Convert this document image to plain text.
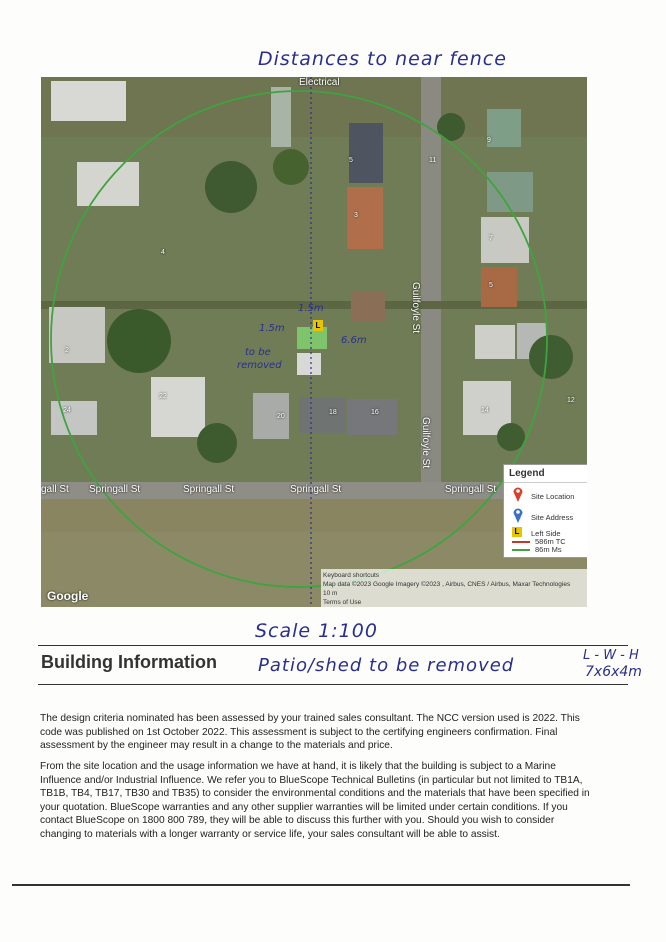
Distances to near fence
Electrical
Guilfoyle St
Guilfoyle St
gall St Springall St	Springall St	Springall St	Springall St
5
3
11
9
7
5
4
2
24
22
20
18	16	14
12
1.5m
1.5m
6.6m
to be
removed
L
Legend
Site Location
Site Address
L	Left Side
586m TC
86m Ms
Keyboard shortcuts
Map data ©2023 Google Imagery ©2023 , Airbus, CNES / Airbus, Maxar Technologies
10 m
Terms of Use
Google
Scale 1:100
Building Information Patio/shed to be removed	L - W - H
7x6x4m
The design criteria nominated has been assessed by your trained sales consultant. The NCC version used is 2022. This code was published on 1st October 2022. This assessment is subject to the certifying engineers confirmation. Final assessment by the engineer may result in a change to the materials and price.
From the site location and the usage information we have at hand, it is likely that the building is subject to a Marine Influence and/or Industrial Influence. We refer you to BlueScope Technical Bulletins (in particular but not limited to TB1A, TB1B, TB4, TB17, TB30 and TB35) to consider the environmental conditions and the materials that have been specified in your quotation. BlueScope warranties and any other supplier warranties will be limited under certain conditions. If you contact BlueScope on 1800 800 789, they will be able to discuss this further with you. Should you wish to consider changing to materials with a longer warranty or service life, your sales consultant will be able to assist.
